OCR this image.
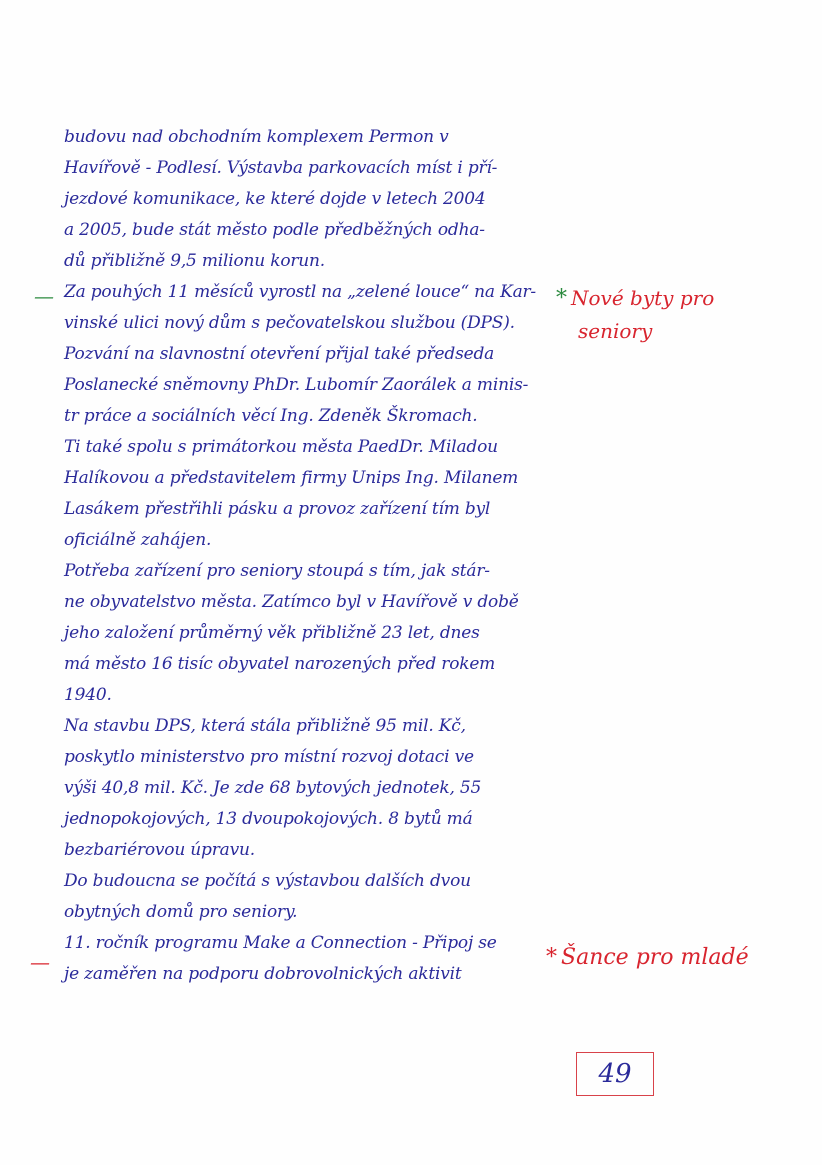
—
—
budovu nad obchodním komplexem Permon v
Havířově - Podlesí. Výstavba parkovacích míst i pří-
jezdové komunikace, ke které dojde v letech 2004
a 2005, bude stát město podle předběžných odha-
dů přibližně 9,5 milionu korun.
Za pouhých 11 měsíců vyrostl na „zelené louce“ na Kar-
vinské ulici nový dům s pečovatelskou službou (DPS).
Pozvání na slavnostní otevření přijal také předseda
Poslanecké sněmovny PhDr. Lubomír Zaorálek a minis-
tr práce a sociálních věcí Ing. Zdeněk Škromach.
Ti také spolu s primátorkou města PaedDr. Miladou
Halíkovou a představitelem firmy Unips Ing. Milanem
Lasákem přestřihli pásku a provoz zařízení tím byl
oficiálně zahájen.
Potřeba zařízení pro seniory stoupá s tím, jak stár-
ne obyvatelstvo města. Zatímco byl v Havířově v době
jeho založení průměrný věk přibližně 23 let, dnes
má město 16 tisíc obyvatel narozených před rokem
1940.
Na stavbu DPS, která stála přibližně 95 mil. Kč,
poskytlo ministerstvo pro místní rozvoj dotaci ve
výši 40,8 mil. Kč. Je zde 68 bytových jednotek, 55
jednopokojových, 13 dvoupokojových. 8 bytů má
bezbariérovou úpravu.
Do budoucna se počítá s výstavbou dalších dvou
obytných domů pro seniory.
11. ročník programu Make a Connection - Připoj se
je zaměřen na podporu dobrovolnických aktivit
* Nové byty pro
seniory
* Šance pro mladé
49
